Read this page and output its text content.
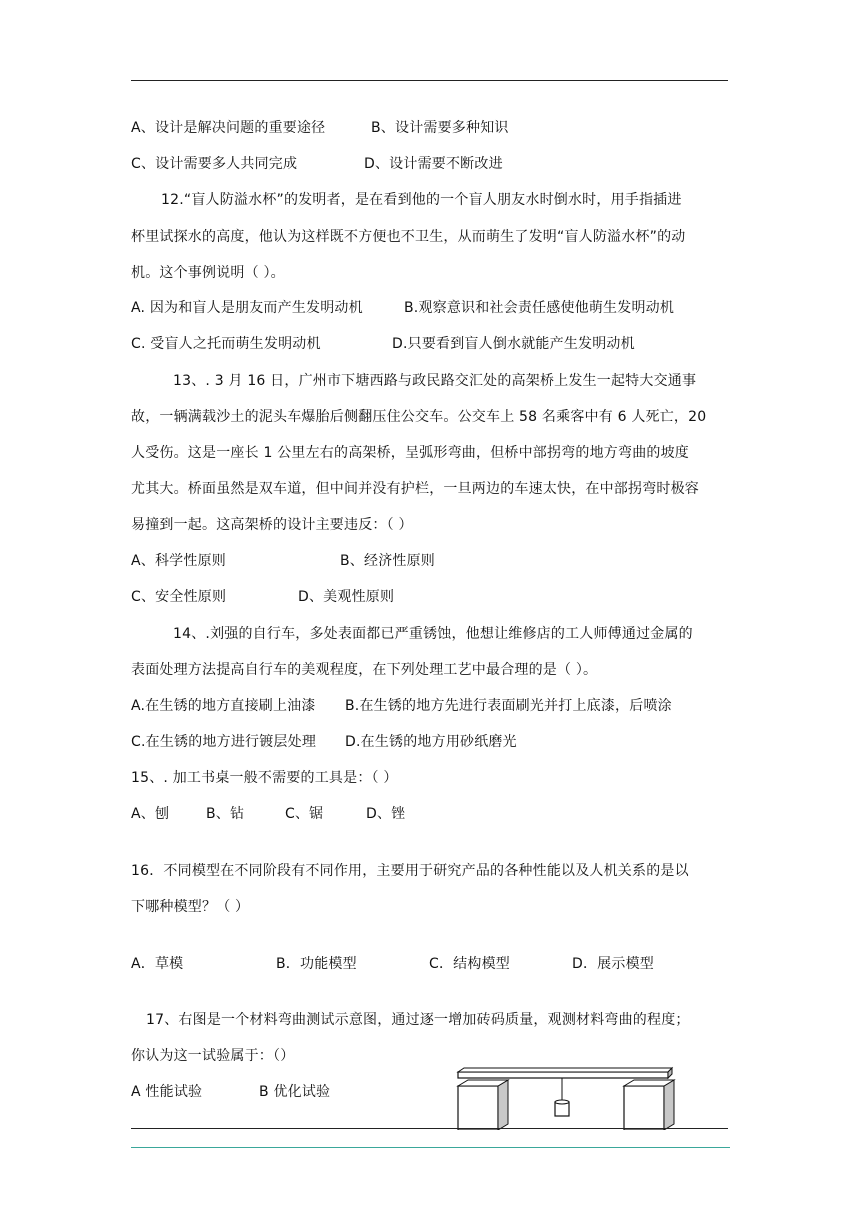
A、设计是解决问题的重要途径	B、设计需要多种知识
C、设计需要多人共同完成	D、设计需要不断改进
12.“盲人防溢水杯”的发明者，是在看到他的一个盲人朋友水时倒水时，用手指插进
杯里试探水的高度，他认为这样既不方便也不卫生，从而萌生了发明“盲人防溢水杯”的动
机。这个事例说明（ ）。
A. 因为和盲人是朋友而产生发明动机	B.观察意识和社会责任感使他萌生发明动机
C. 受盲人之托而萌生发明动机	D.只要看到盲人倒水就能产生发明动机
13、. 3 月 16 日，广州市下塘西路与政民路交汇处的高架桥上发生一起特大交通事
故，一辆满载沙土的泥头车爆胎后侧翻压住公交车。公交车上 58 名乘客中有 6 人死亡，20
人受伤。这是一座长 1 公里左右的高架桥，呈弧形弯曲，但桥中部拐弯的地方弯曲的坡度
尤其大。桥面虽然是双车道，但中间并没有护栏，一旦两边的车速太快，在中部拐弯时极容
易撞到一起。这高架桥的设计主要违反：（ ）
A、科学性原则	B、经济性原则
C、安全性原则	D、美观性原则
14、.刘强的自行车，多处表面都已严重锈蚀，他想让维修店的工人师傅通过金属的
表面处理方法提高自行车的美观程度，在下列处理工艺中最合理的是（ ）。
A.在生锈的地方直接刷上油漆 B.在生锈的地方先进行表面刷光并打上底漆，后喷涂
C.在生锈的地方进行镀层处理 D.在生锈的地方用砂纸磨光
15、. 加工书桌一般不需要的工具是：（ ）
A、刨	B、钻	C、锯	D、锉
16．不同模型在不同阶段有不同作用，主要用于研究产品的各种性能以及人机关系的是以
下哪种模型？（ ）
A．草模	B．功能模型	C．结构模型	D．展示模型
17、右图是一个材料弯曲测试示意图，通过逐一增加砖码质量，观测材料弯曲的程度；
你认为这一试验属于：（）
A 性能试验	B 优化试验
